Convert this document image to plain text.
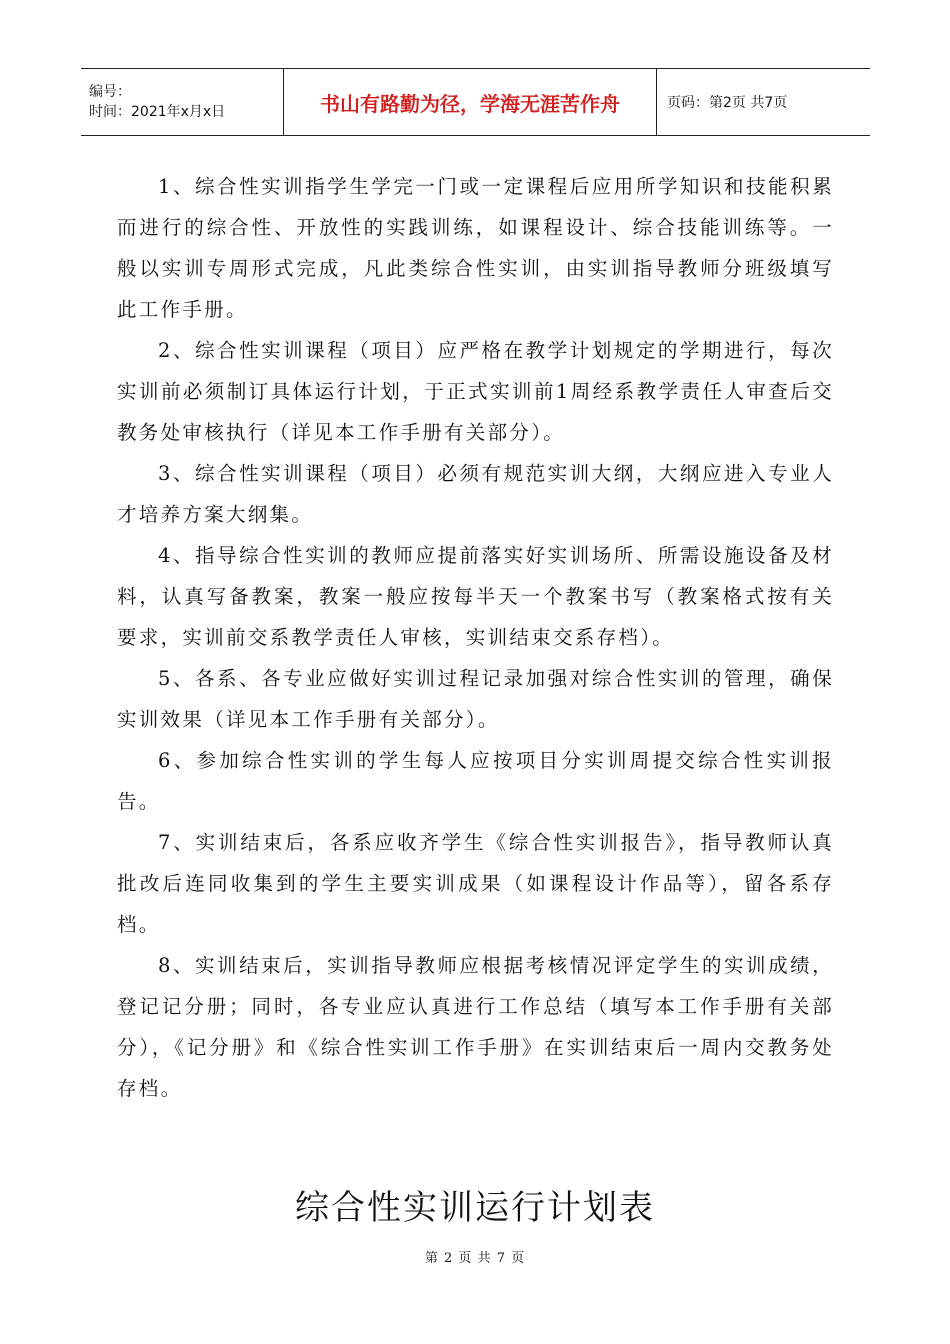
编号：
时间：2021年x月x日	书山有路勤为径，学海无涯苦作舟	页码：第2页 共7页

1、综合性实训指学生学完一门或一定课程后应用所学知识和技能积累而进行的综合性、开放性的实践训练，如课程设计、综合技能训练等。一般以实训专周形式完成，凡此类综合性实训，由实训指导教师分班级填写此工作手册。

2、综合性实训课程（项目）应严格在教学计划规定的学期进行，每次实训前必须制订具体运行计划，于正式实训前1周经系教学责任人审查后交教务处审核执行（详见本工作手册有关部分）。

3、综合性实训课程（项目）必须有规范实训大纲，大纲应进入专业人才培养方案大纲集。

4、指导综合性实训的教师应提前落实好实训场所、所需设施设备及材料，认真写备教案，教案一般应按每半天一个教案书写（教案格式按有关要求，实训前交系教学责任人审核，实训结束交系存档）。

5、各系、各专业应做好实训过程记录加强对综合性实训的管理，确保实训效果（详见本工作手册有关部分）。

6、参加综合性实训的学生每人应按项目分实训周提交综合性实训报告。

7、实训结束后，各系应收齐学生《综合性实训报告》，指导教师认真批改后连同收集到的学生主要实训成果（如课程设计作品等），留各系存档。

8、实训结束后，实训指导教师应根据考核情况评定学生的实训成绩，登记记分册；同时，各专业应认真进行工作总结（填写本工作手册有关部分），《记分册》和《综合性实训工作手册》在实训结束后一周内交教务处存档。

综合性实训运行计划表
第 2 页 共 7 页
